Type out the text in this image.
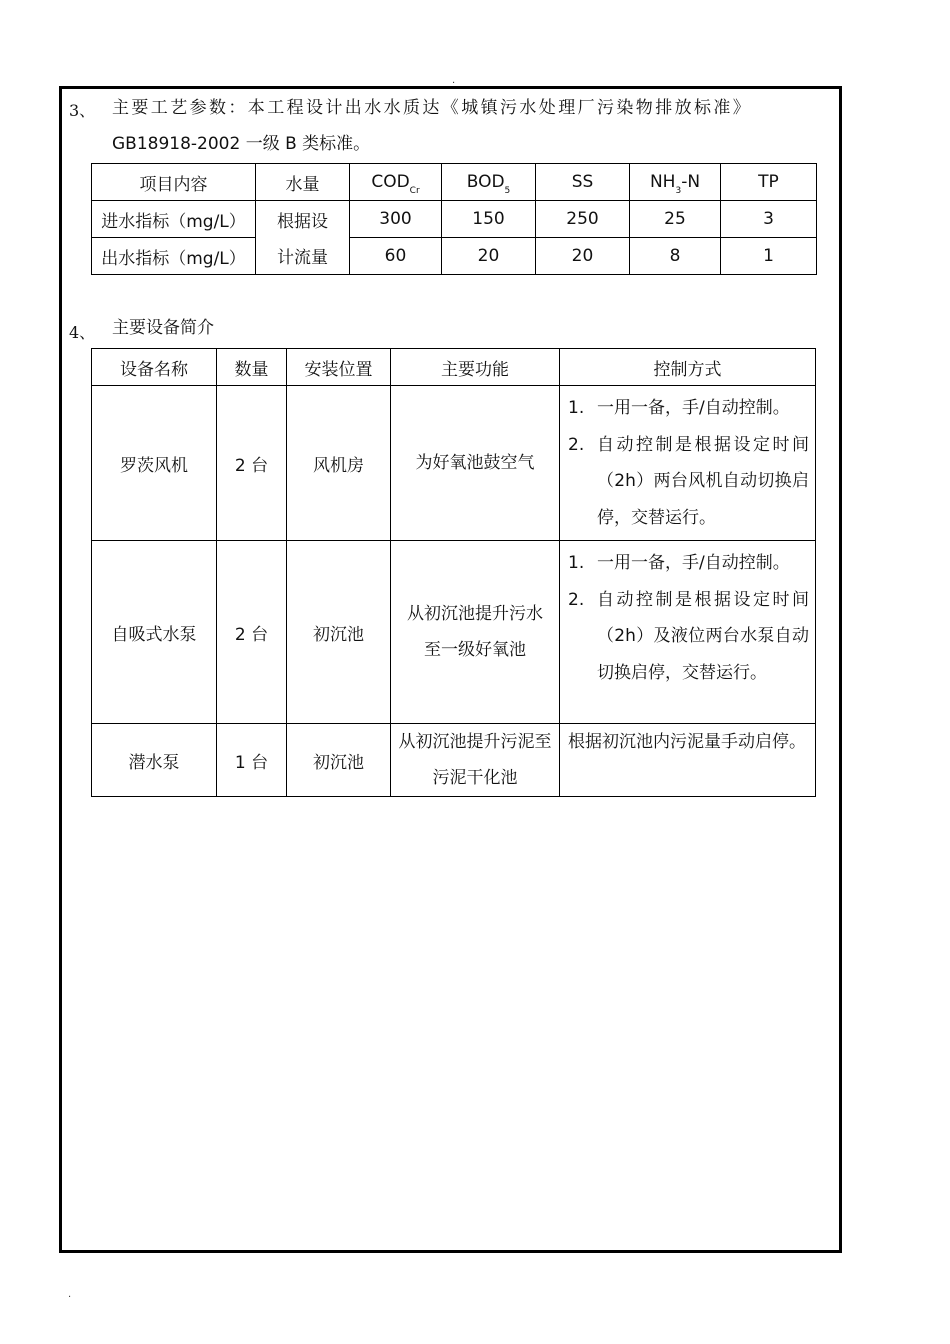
.
.
3、 主要工艺参数：本工程设计出水水质达《城镇污水处理厂污染物排放标准》
GB18918-2002 一级 B 类标准。
项目内容	水量	$COD_{Cr}$	$BOD_5$	SS	$NH_3-N$	TP
进水指标（mg/L）	根据设	300	150	250	25	3
出水指标（mg/L）	计流量	60	20	20	8	1
4、 主要设备简介
设备名称	数量	安装位置	主要功能	控制方式
罗茨风机	2 台	风机房	为好氧池鼓空气	1. 一用一备，手/自动控制。
2. 自动控制是根据设定时间（2h）两台风机自动切换启停，交替运行。

自吸式水泵	2 台	初沉池	从初沉池提升污水至一级好氧池	1. 一用一备，手/自动控制。
2. 自动控制是根据设定时间（2h）及液位两台水泵自动切换启停，交替运行。

潜水泵	1 台	初沉池	从初沉池提升污泥至污泥干化池	根据初沉池内污泥量手动启停。
